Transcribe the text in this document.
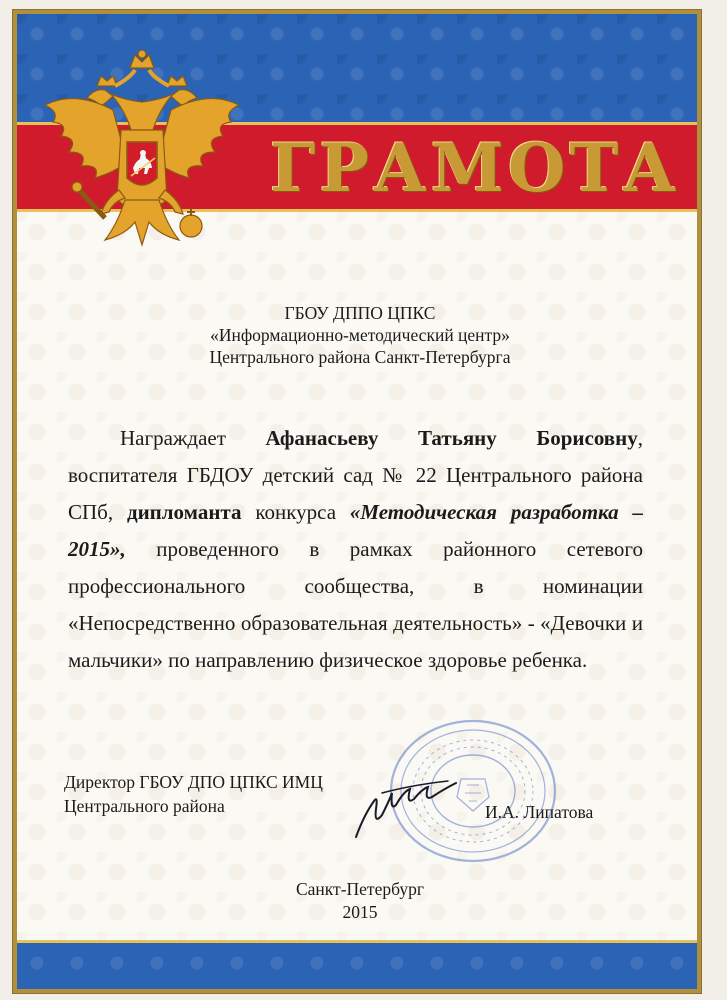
ГРАМОТА
ГБОУ ДППО ЦПКС
«Информационно-методический центр»
Центрального района Санкт-Петербурга
Награждает Афанасьеву Татьяну Борисовну, воспитателя ГБДОУ детский сад № 22 Центрального района СПб, дипломанта конкурса «Методическая разработка – 2015», проведенного в рамках районного сетевого профессионального сообщества, в номинации «Непосредственно образовательная деятельность» - «Девочки и мальчики» по направлению физическое здоровье ребенка.
Директор ГБОУ ДПО ЦПКС ИМЦ
Центрального района	И.А. Липатова
Санкт-Петербург
2015
